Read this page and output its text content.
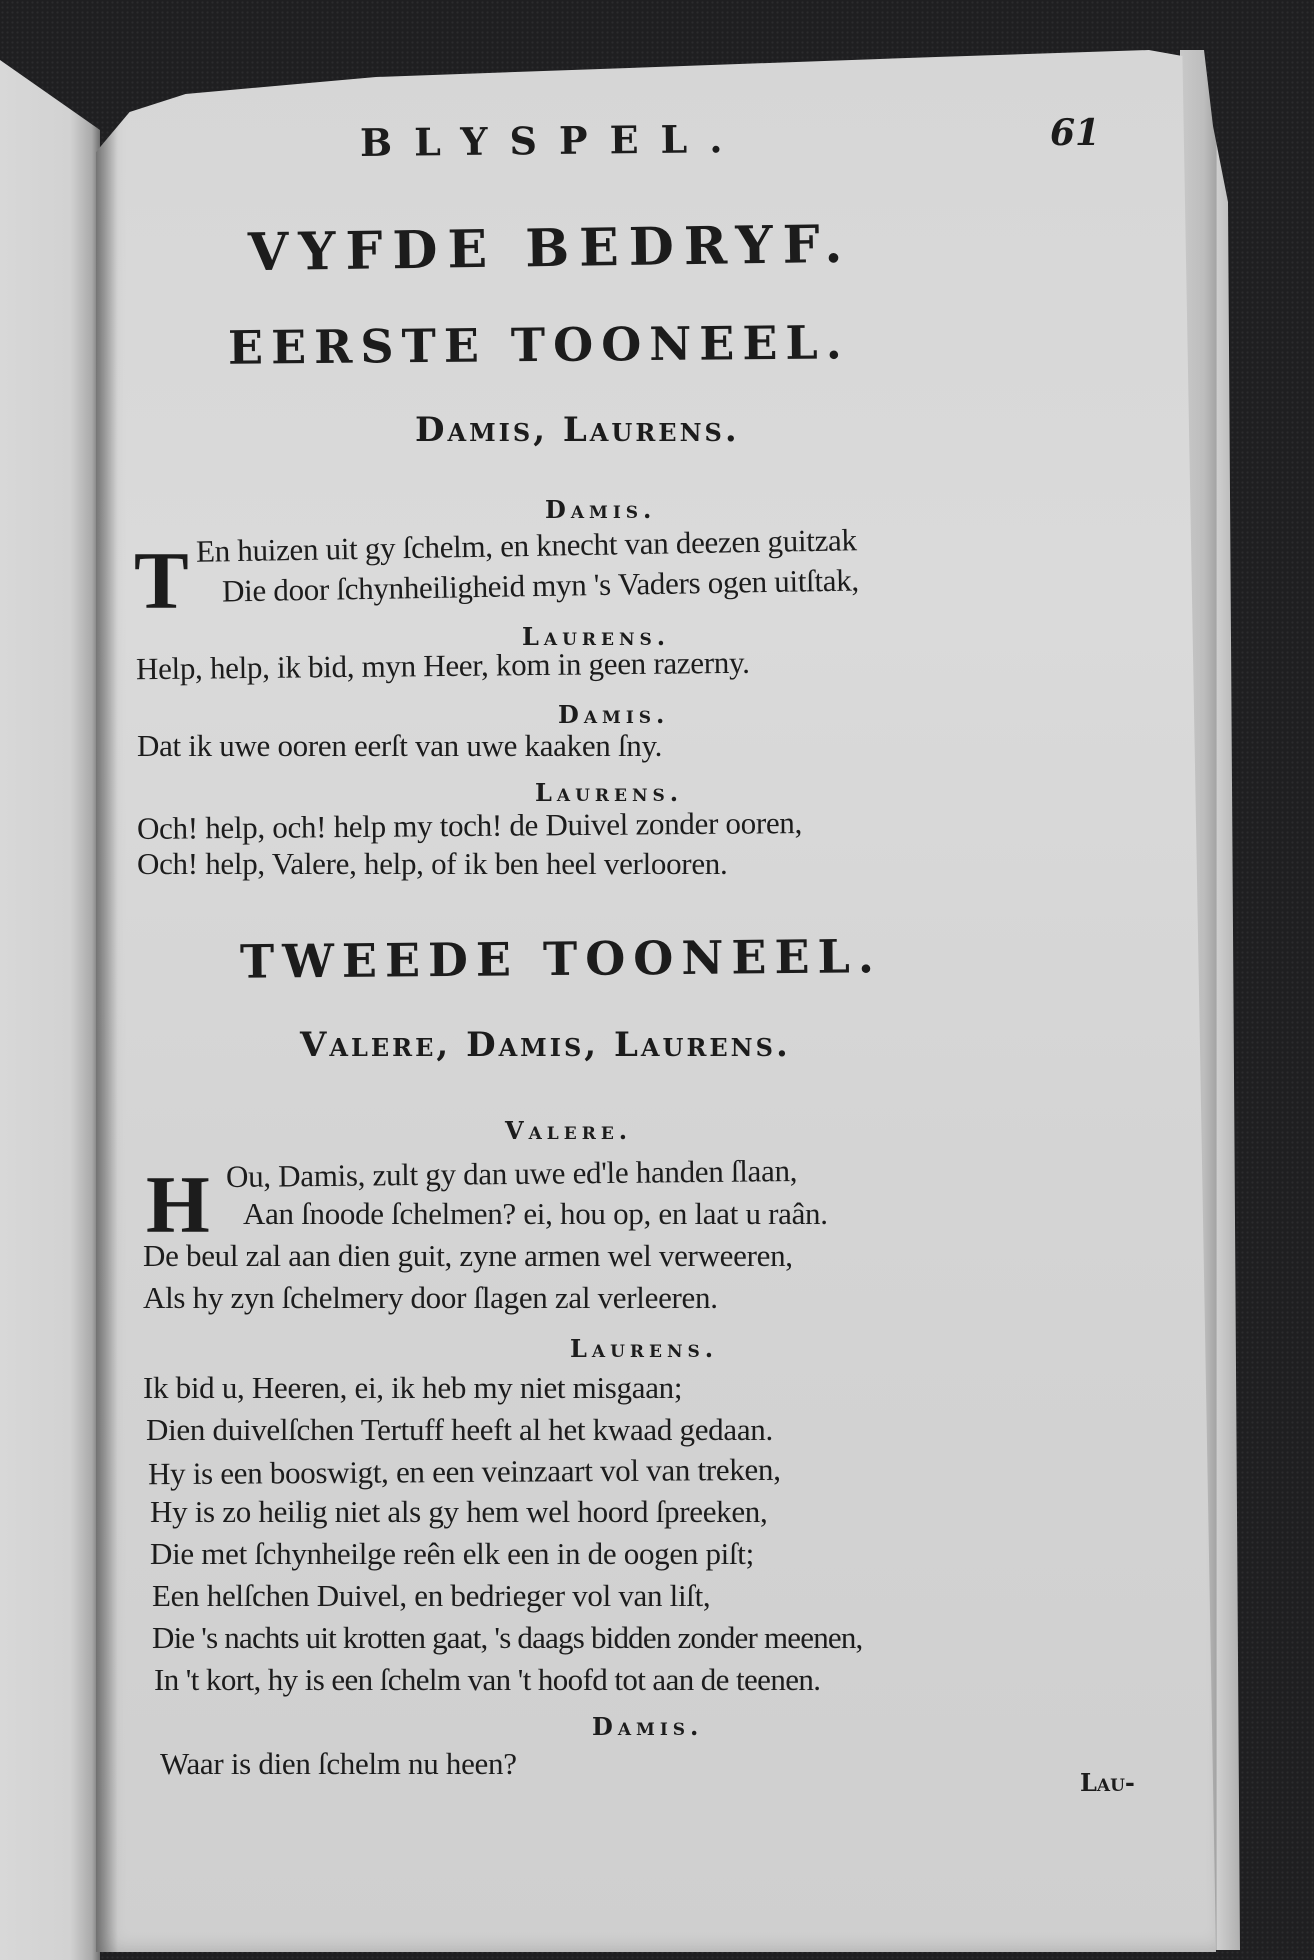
BLYSPEL.	61
VYFDE BEDRYF.
EERSTE TOONEEL.
Damis, Laurens.
Damis.
T En huizen uit gy ſchelm, en knecht van deezen guitzak
Die door ſchynheiligheid myn 's Vaders ogen uitſtak,
Laurens.
Help, help, ik bid, myn Heer, kom in geen razerny.
Damis.
Dat ik uwe ooren eerſt van uwe kaaken ſny.
Laurens.
Och! help, och! help my toch! de Duivel zonder ooren,
Och! help, Valere, help, of ik ben heel verlooren.
TWEEDE TOONEEL.
Valere, Damis, Laurens.
Valere.
H Ou, Damis, zult gy dan uwe ed'le handen ſlaan,
Aan ſnoode ſchelmen? ei, hou op, en laat u raân.
De beul zal aan dien guit, zyne armen wel verweeren,
Als hy zyn ſchelmery door ſlagen zal verleeren.
Laurens.
Ik bid u, Heeren, ei, ik heb my niet misgaan;
Dien duivelſchen Tertuff heeft al het kwaad gedaan.
Hy is een booswigt, en een veinzaart vol van treken,
Hy is zo heilig niet als gy hem wel hoord ſpreeken,
Die met ſchynheilge reên elk een in de oogen piſt;
Een helſchen Duivel, en bedrieger vol van liſt,
Die 's nachts uit krotten gaat, 's daags bidden zonder meenen,
In 't kort, hy is een ſchelm van 't hoofd tot aan de teenen.
Damis.
Waar is dien ſchelm nu heen?
Lau-
